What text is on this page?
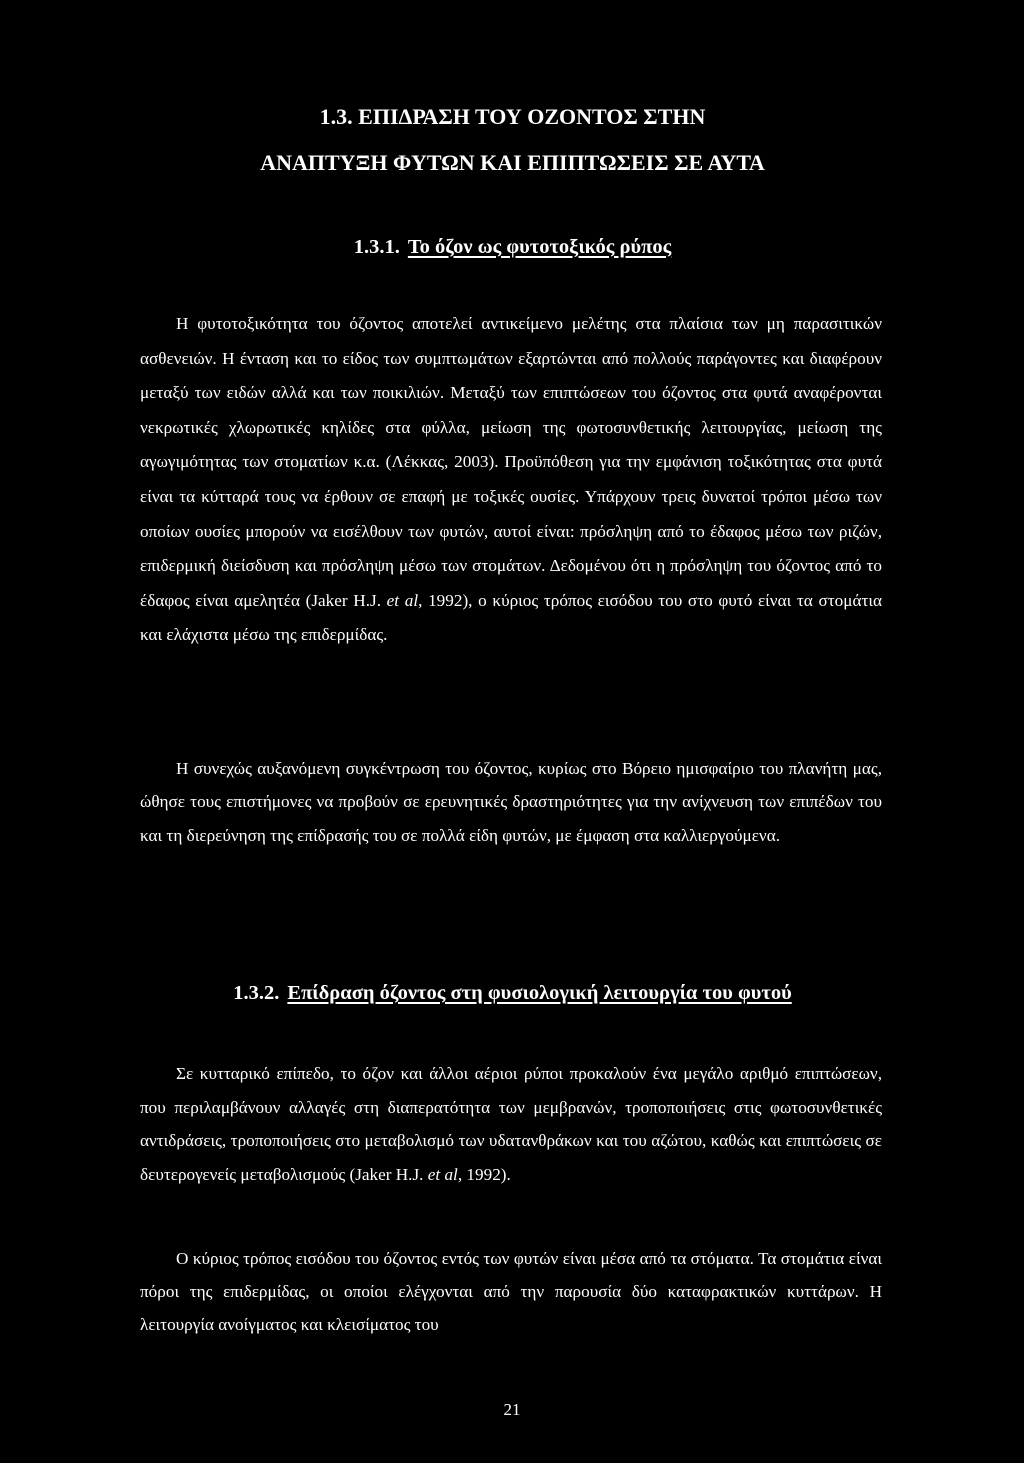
1.3. ΕΠΙΔΡΑΣΗ ΤΟΥ ΟΖΟΝΤΟΣ ΣΤΗΝ
ΑΝΑΠΤΥΞΗ ΦΥΤΩΝ ΚΑΙ ΕΠΙΠΤΩΣΕΙΣ ΣΕ ΑΥΤΑ
1.3.1. Το όζον ως φυτοτοξικός ρύπος

Η φυτοτοξικότητα του όζοντος αποτελεί αντικείμενο μελέτης στα πλαίσια των μη παρασιτικών ασθενειών. Η ένταση και το είδος των συμπτωμάτων εξαρτώνται από πολλούς παράγοντες και διαφέρουν μεταξύ των ειδών αλλά και των ποικιλιών. Μεταξύ των επιπτώσεων του όζοντος στα φυτά αναφέρονται νεκρωτικές χλωρωτικές κηλίδες στα φύλλα, μείωση της φωτοσυνθετικής λειτουργίας, μείωση της αγωγιμότητας των στοματίων κ.α. (Λέκκας, 2003). Προϋπόθεση για την εμφάνιση τοξικότητας στα φυτά είναι τα κύτταρά τους να έρθουν σε επαφή με τοξικές ουσίες. Υπάρχουν τρεις δυνατοί τρόποι μέσω των οποίων ουσίες μπορούν να εισέλθουν των φυτών, αυτοί είναι: πρόσληψη από το έδαφος μέσω των ριζών, επιδερμική διείσδυση και πρόσληψη μέσω των στομάτων. Δεδομένου ότι η πρόσληψη του όζοντος από το έδαφος είναι αμελητέα (Jaker H.J. et al, 1992), ο κύριος τρόπος εισόδου του στο φυτό είναι τα στομάτια και ελάχιστα μέσω της επιδερμίδας.

Η συνεχώς αυξανόμενη συγκέντρωση του όζοντος, κυρίως στο Βόρειο ημισφαίριο του πλανήτη μας, ώθησε τους επιστήμονες να προβούν σε ερευνητικές δραστηριότητες για την ανίχνευση των επιπέδων του και τη διερεύνηση της επίδρασής του σε πολλά είδη φυτών, με έμφαση στα καλλιεργούμενα.

1.3.2. Επίδραση όζοντος στη φυσιολογική λειτουργία του φυτού

Σε κυτταρικό επίπεδο, το όζον και άλλοι αέριοι ρύποι προκαλούν ένα μεγάλο αριθμό επιπτώσεων, που περιλαμβάνουν αλλαγές στη διαπερατότητα των μεμβρανών, τροποποιήσεις στις φωτοσυνθετικές αντιδράσεις, τροποποιήσεις στο μεταβολισμό των υδατανθράκων και του αζώτου, καθώς και επιπτώσεις σε δευτερογενείς μεταβολισμούς (Jaker H.J. et al, 1992).

Ο κύριος τρόπος εισόδου του όζοντος εντός των φυτών είναι μέσα από τα στόματα. Τα στομάτια είναι πόροι της επιδερμίδας, οι οποίοι ελέγχονται από την παρουσία δύο καταφρακτικών κυττάρων. Η λειτουργία ανοίγματος και κλεισίματος του

21
